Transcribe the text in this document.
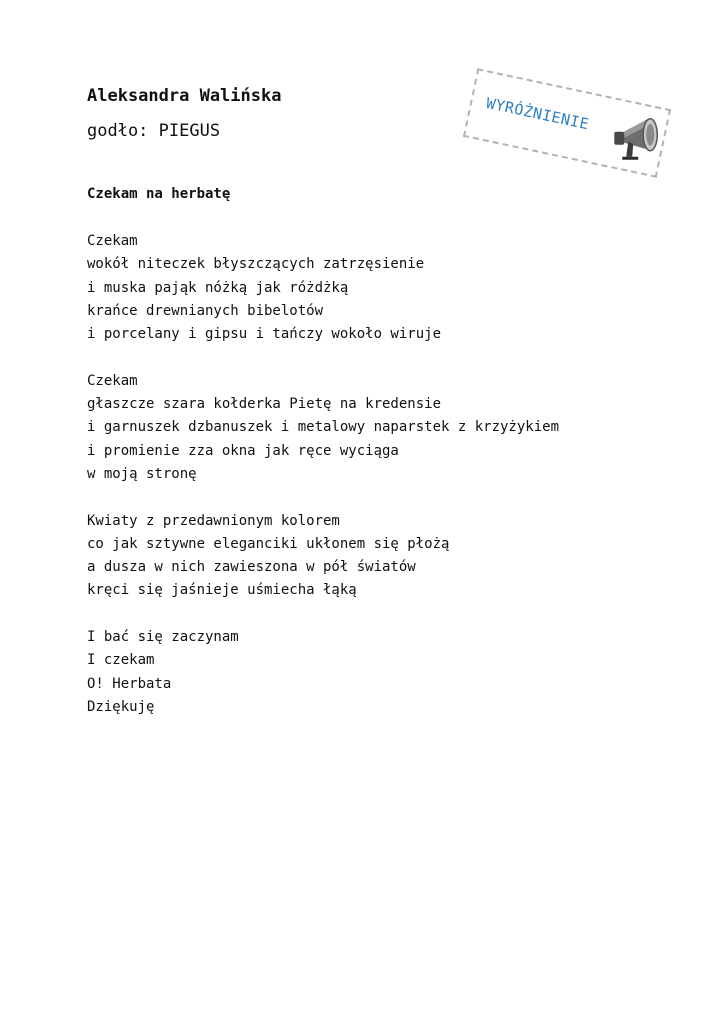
Aleksandra Walińska
godło: PIEGUS	WYRÓŻNIENIE
Czekam na herbatę
Czekam
wokół niteczek błyszczących zatrzęsienie
i muska pająk nóżką jak różdżką
krańce drewnianych bibelotów
i porcelany i gipsu i tańczy wokoło wiruje
Czekam
głaszcze szara kołderka Pietę na kredensie
i garnuszek dzbanuszek i metalowy naparstek z krzyżykiem
i promienie zza okna jak ręce wyciąga
w moją stronę
Kwiaty z przedawnionym kolorem
co jak sztywne eleganciki ukłonem się płożą
a dusza w nich zawieszona w pół światów
kręci się jaśnieje uśmiecha łąką
I bać się zaczynam
I czekam
O! Herbata
Dziękuję
